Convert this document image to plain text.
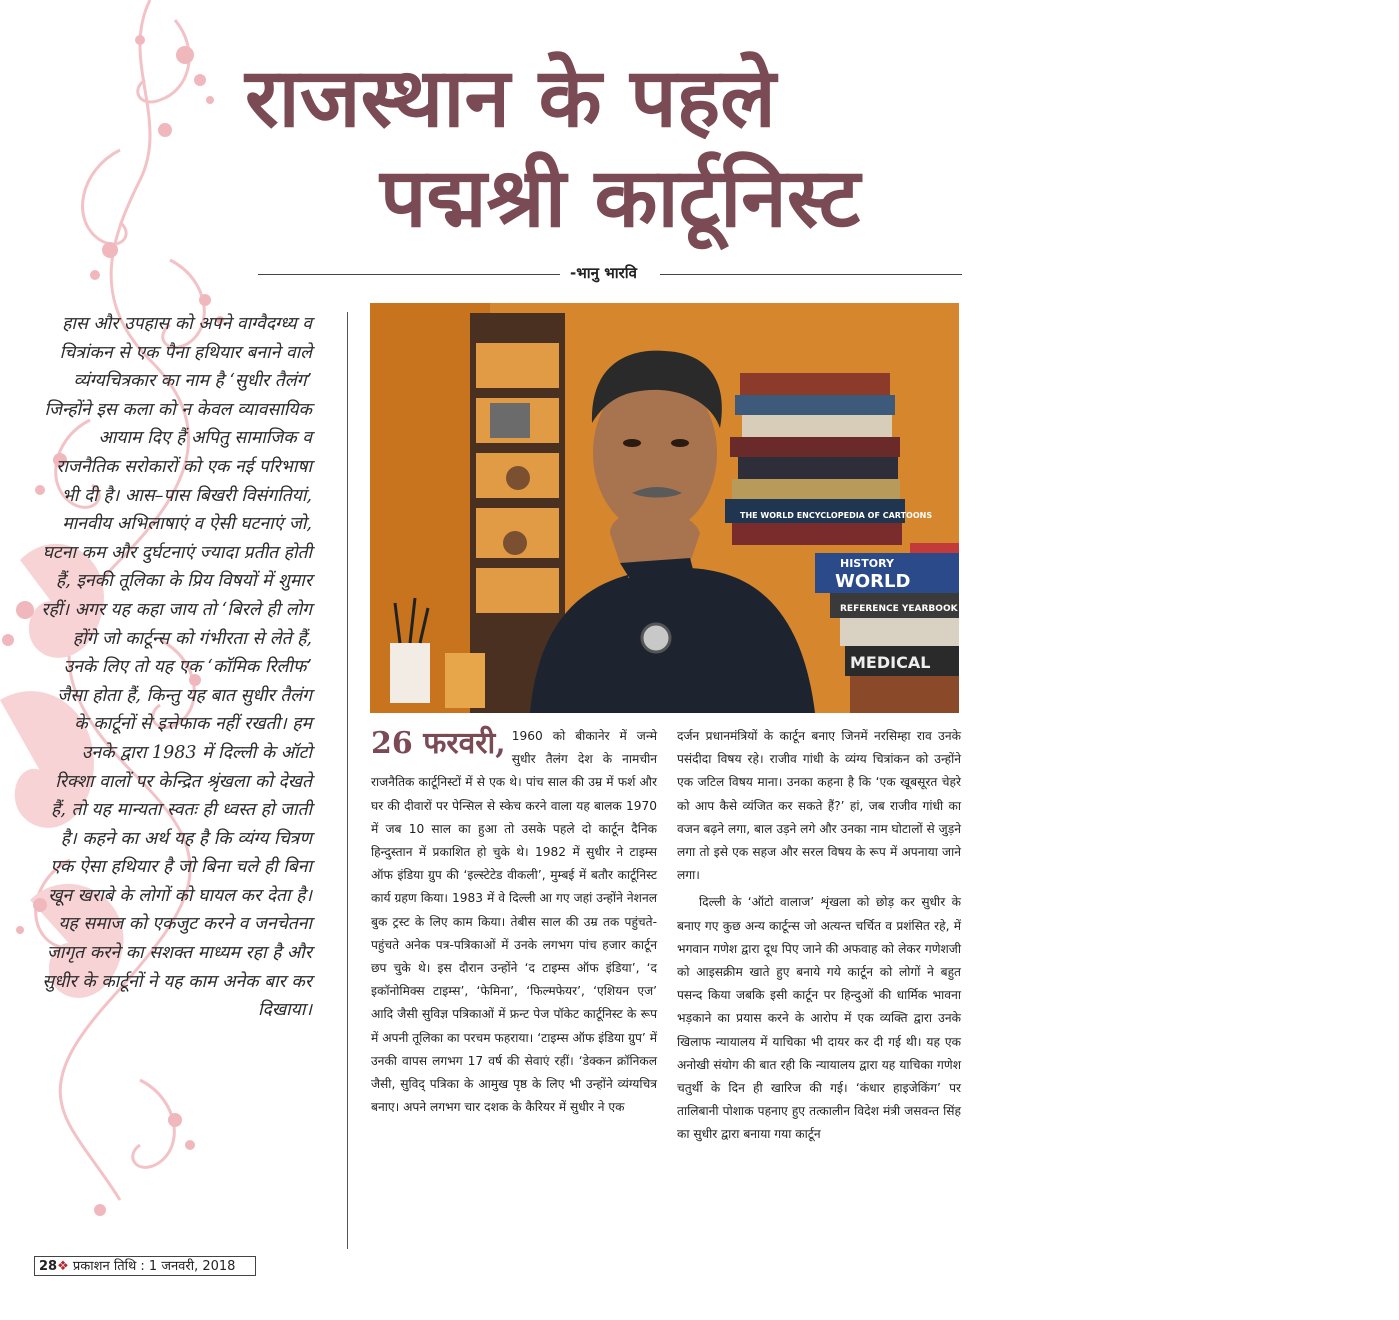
राजस्थान के पहले
पद्मश्री कार्टूनिस्ट
-भानु भारवि
हास और उपहास को अपने वाग्वैदग्ध्य व चित्रांकन से एक पैना हथियार बनाने वाले व्यंग्यचित्रकार का नाम है ‘सुधीर तैलंग’ जिन्होंने इस कला को न केवल व्यावसायिक आयाम दिए हैं अपितु सामाजिक व राजनैतिक सरोकारों को एक नई परिभाषा भी दी है। आस–पास बिखरी विसंगतियां, मानवीय अभिलाषाएं व ऐसी घटनाएं जो, घटना कम और दुर्घटनाएं ज्यादा प्रतीत होती हैं, इनकी तूलिका के प्रिय विषयों में शुमार रहीं। अगर यह कहा जाय तो ‘बिरले ही लोग होंगे जो कार्टून्स को गंभीरता से लेते हैं, उनके लिए तो यह एक ‘कॉमिक रिलीफ’ जैसा होता हैं, किन्तु यह बात सुधीर तैलंग के कार्टूनों से इत्तेफाक नहीं रखती। हम उनके द्वारा 1983 में दिल्ली के ऑटो रिक्शा वालों पर केन्द्रित श्रृंखला को देखते हैं, तो यह मान्यता स्वतः ही ध्वस्त हो जाती है। कहने का अर्थ यह है कि व्यंग्य चित्रण एक ऐसा हथियार है जो बिना चले ही बिना खून खराबे के लोगों को घायल कर देता है। यह समाज को एकजुट करने व जनचेतना जागृत करने का सशक्त माध्यम रहा है और सुधीर के कार्टूनों ने यह काम अनेक बार कर दिखाया।
THE WORLD ENCYCLOPEDIA OF CARTOONS
HISTORY
WORLD
REFERENCE YEARBOOK 20
MEDICAL
26 फरवरी, 1960 को बीकानेर में जन्मे सुधीर तैलंग देश के नामचीन राजनैतिक कार्टूनिस्टों में से एक थे। पांच साल की उम्र में फर्श और घर की दीवारों पर पेन्सिल से स्केच करने वाला यह बालक 1970 में जब 10 साल का हुआ तो उसके पहले दो कार्टून दैनिक हिन्दुस्तान में प्रकाशित हो चुके थे। 1982 में सुधीर ने टाइम्स ऑफ इंडिया ग्रुप की ‘इल्स्टेटेड वीकली’, मुम्बई में बतौर कार्टूनिस्ट कार्य ग्रहण किया। 1983 में वे दिल्ली आ गए जहां उन्होंने नेशनल बुक ट्रस्ट के लिए काम किया। तेबीस साल की उम्र तक पहुंचते-पहुंचते अनेक पत्र-पत्रिकाओं में उनके लगभग पांच हजार कार्टून छप चुके थे। इस दौरान उन्होंने ‘द टाइम्स ऑफ इंडिया’, ‘द इकॉनोमिक्स टाइम्स’, ‘फेमिना’, ‘फिल्मफेयर’, ‘एशियन एज’ आदि जैसी सुविज्ञ पत्रिकाओं में फ्रन्ट पेज पॉकेट कार्टूनिस्ट के रूप में अपनी तूलिका का परचम फहराया। ‘टाइम्स ऑफ इंडिया ग्रुप’ में उनकी वापस लगभग 17 वर्ष की सेवाएं रहीं। ‘डेक्कन क्रॉनिकल जैसी, सुविद् पत्रिका के आमुख पृष्ठ के लिए भी उन्होंने व्यंग्यचित्र बनाए। अपने लगभग चार दशक के कैरियर में सुधीर ने एक

दर्जन प्रधानमंत्रियों के कार्टून बनाए जिनमें नरसिम्हा राव उनके पसंदीदा विषय रहे। राजीव गांधी के व्यंग्य चित्रांकन को उन्होंने एक जटिल विषय माना। उनका कहना है कि ‘एक खूबसूरत चेहरे को आप कैसे व्यंजित कर सकते हैं?’ हां, जब राजीव गांधी का वजन बढ़ने लगा, बाल उड़ने लगे और उनका नाम घोटालों से जुड़ने लगा तो इसे एक सहज और सरल विषय के रूप में अपनाया जाने लगा।

दिल्ली के ‘ऑटो वालाज’ शृंखला को छोड़ कर सुधीर के बनाए गए कुछ अन्य कार्टून्स जो अत्यन्त चर्चित व प्रशंसित रहे, में भगवान गणेश द्वारा दूध पिए जाने की अफवाह को लेकर गणेशजी को आइसक्रीम खाते हुए बनाये गये कार्टून को लोगों ने बहुत पसन्द किया जबकि इसी कार्टून पर हिन्दुओं की धार्मिक भावना भड़काने का प्रयास करने के आरोप में एक व्यक्ति द्वारा उनके खिलाफ न्यायालय में याचिका भी दायर कर दी गई थी। यह एक अनोखी संयोग की बात रही कि न्यायालय द्वारा यह याचिका गणेश चतुर्थी के दिन ही खारिज की गई। ‘कंधार हाइजेकिंग’ पर तालिबानी पोशाक पहनाए हुए तत्कालीन विदेश मंत्री जसवन्त सिंह का सुधीर द्वारा बनाया गया कार्टून

28❖ प्रकाशन तिथि : 1 जनवरी, 2018
